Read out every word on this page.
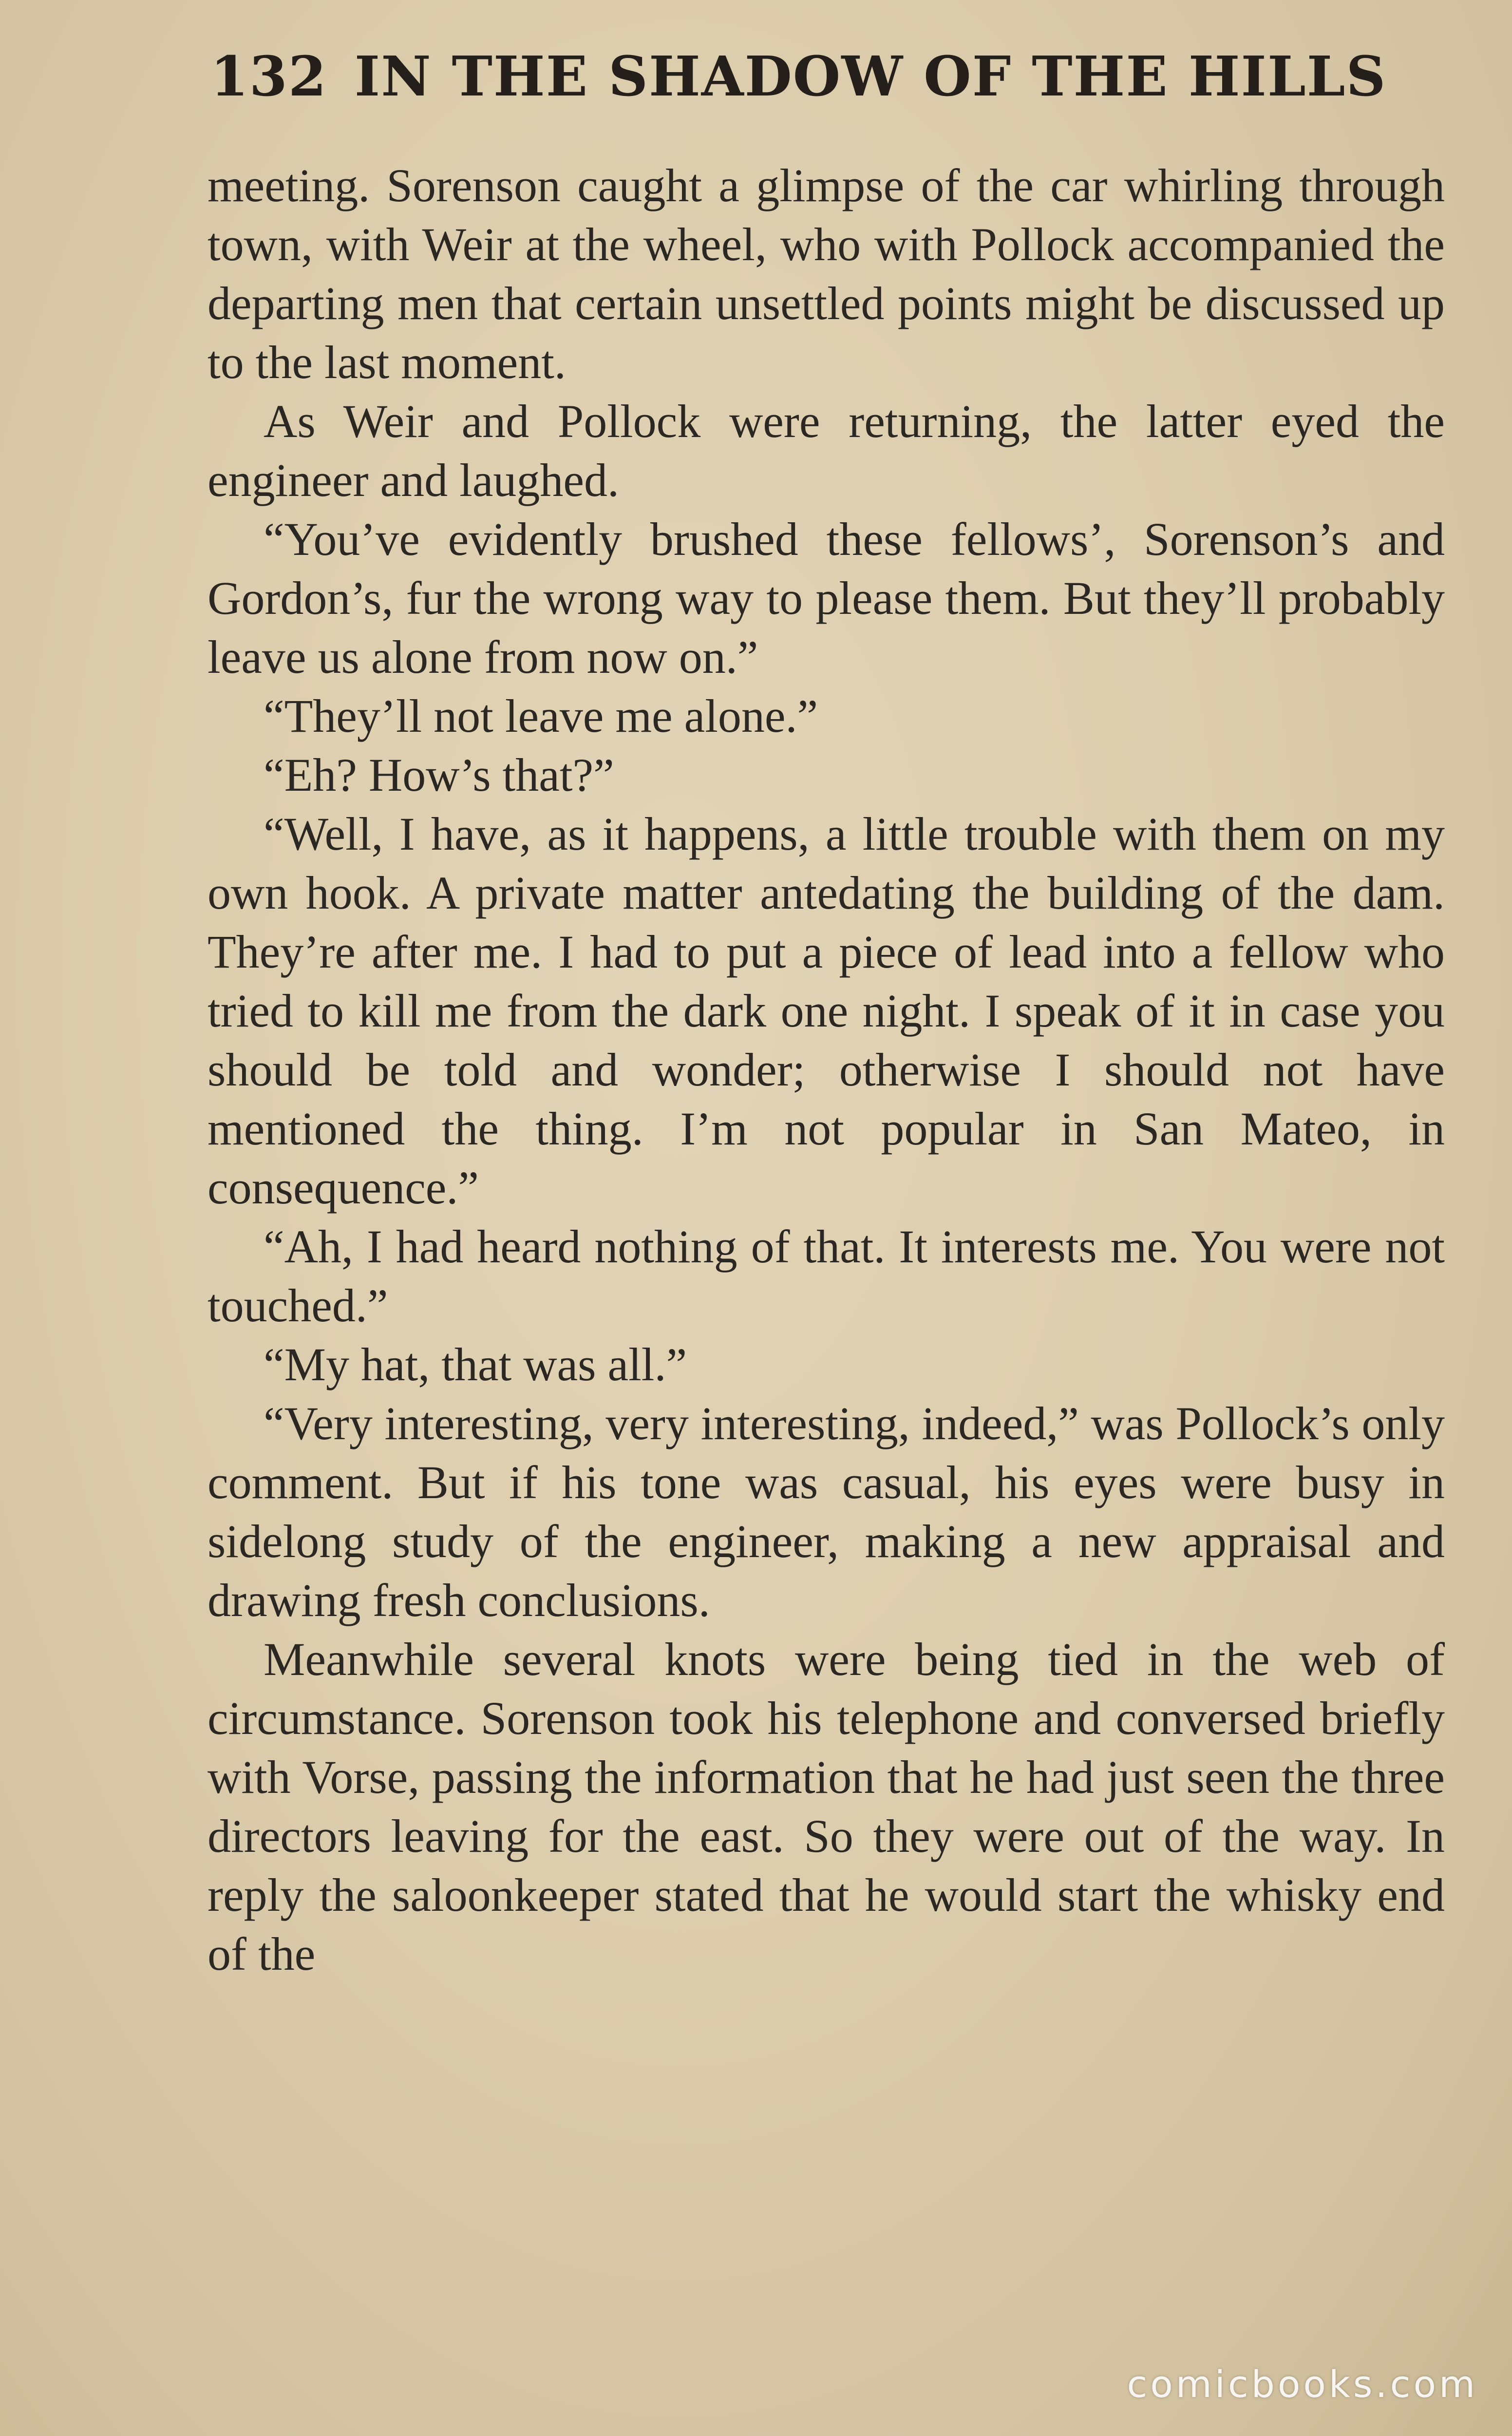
132 IN THE SHADOW OF THE HILLS

meeting. Sorenson caught a glimpse of the car whirling through town, with Weir at the wheel, who with Pollock accompanied the departing men that certain unsettled points might be discussed up to the last moment.

As Weir and Pollock were returning, the latter eyed the engineer and laughed.

“You’ve evidently brushed these fellows’, Sorenson’s and Gordon’s, fur the wrong way to please them. But they’ll probably leave us alone from now on.”

“They’ll not leave me alone.”

“Eh? How’s that?”

“Well, I have, as it happens, a little trouble with them on my own hook. A private matter antedating the building of the dam. They’re after me. I had to put a piece of lead into a fellow who tried to kill me from the dark one night. I speak of it in case you should be told and wonder; otherwise I should not have mentioned the thing. I’m not popular in San Mateo, in consequence.”

“Ah, I had heard nothing of that. It interests me. You were not touched.”

“My hat, that was all.”

“Very interesting, very interesting, indeed,” was Pollock’s only comment. But if his tone was casual, his eyes were busy in sidelong study of the engineer, making a new appraisal and drawing fresh conclusions.

Meanwhile several knots were being tied in the web of circumstance. Sorenson took his telephone and conversed briefly with Vorse, passing the information that he had just seen the three directors leaving for the east. So they were out of the way. In reply the saloonkeeper stated that he would start the whisky end of the

comicbooks.com
